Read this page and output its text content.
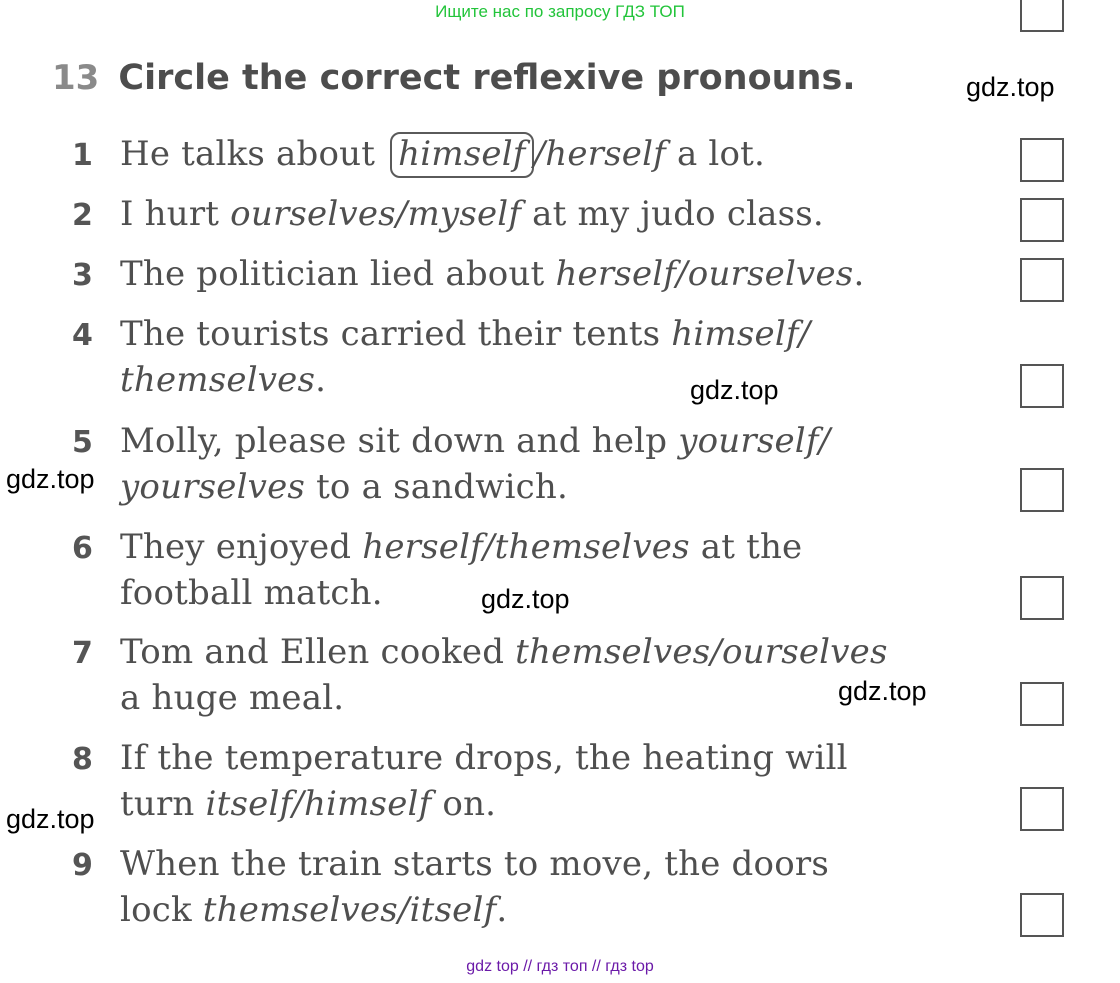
Ищите нас по запросу ГДЗ ТОП
13 Circle the correct reflexive pronouns.
1 He talks about himself /herself a lot.
2 I hurt ourselves/myself at my judo class.
3 The politician lied about herself/ourselves.
4 The tourists carried their tents himself/
themselves.
5 Molly, please sit down and help yourself/
yourselves to a sandwich.
6 They enjoyed herself/themselves at the
football match.
7 Tom and Ellen cooked themselves/ourselves
a huge meal.
8 If the temperature drops, the heating will
turn itself/himself on.
9 When the train starts to move, the doors
lock themselves/itself.
gdz.top
gdz.top
gdz.top
gdz.top
gdz.top
gdz.top
gdz top // гдз топ // гдз top
